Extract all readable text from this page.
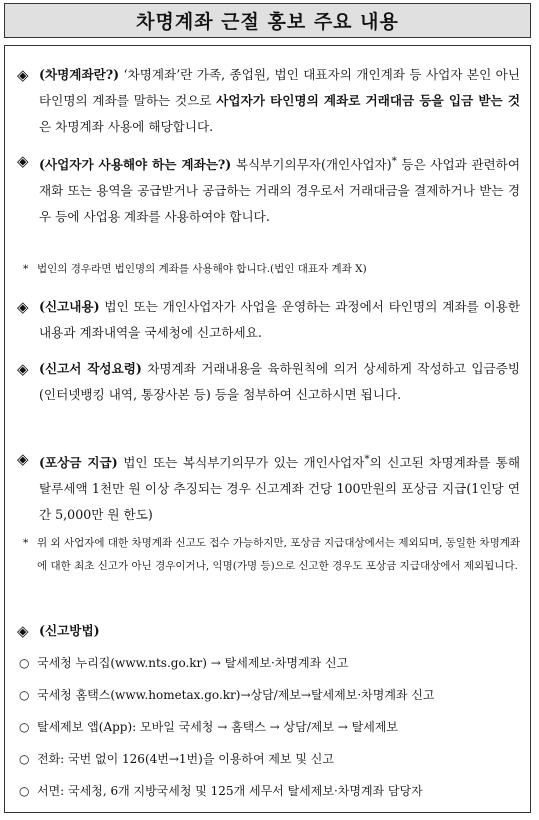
차명계좌 근절 홍보 주요 내용
◈ (차명계좌란?) ‘차명계좌’란 가족, 종업원, 법인 대표자의 개인계좌 등 사업자 본인 아닌 타인명의 계좌를 말하는 것으로 사업자가 타인명의 계좌로 거래대금 등을 입금 받는 것은 차명계좌 사용에 해당합니다.
◈ (사업자가 사용해야 하는 계좌는?) 복식부기의무자(개인사업자)* 등은 사업과 관련하여 재화 또는 용역을 공급받거나 공급하는 거래의 경우로서 거래대금을 결제하거나 받는 경우 등에 사업용 계좌를 사용하여야 합니다.
* 법인의 경우라면 법인명의 계좌를 사용해야 합니다.(법인 대표자 계좌 X)
◈ (신고내용) 법인 또는 개인사업자가 사업을 운영하는 과정에서 타인명의 계좌를 이용한 내용과 계좌내역을 국세청에 신고하세요.
◈ (신고서 작성요령) 차명계좌 거래내용을 육하원칙에 의거 상세하게 작성하고 입금증빙(인터넷뱅킹 내역, 통장사본 등) 등을 첨부하여 신고하시면 됩니다.
◈ (포상금 지급) 법인 또는 복식부기의무가 있는 개인사업자*의 신고된 차명계좌를 통해 탈루세액 1천만 원 이상 추징되는 경우 신고계좌 건당 100만원의 포상금 지급(1인당 연간 5,000만 원 한도)
* 위 외 사업자에 대한 차명계좌 신고도 접수 가능하지만, 포상금 지급대상에서는 제외되며, 동일한 차명계좌에 대한 최초 신고가 아닌 경우이거나, 익명(가명 등)으로 신고한 경우도 포상금 지급대상에서 제외됩니다.
◈ (신고방법)
○ 국세청 누리집(www.nts.go.kr) → 탈세제보·차명계좌 신고
○ 국세청 홈택스(www.hometax.go.kr)→상담/제보→탈세제보·차명계좌 신고
○ 탈세제보 앱(App): 모바일 국세청 → 홈택스 → 상담/제보 → 탈세제보
○ 전화: 국번 없이 126(4번→1번)을 이용하여 제보 및 신고
○ 서면: 국세청, 6개 지방국세청 및 125개 세무서 탈세제보·차명계좌 담당자
